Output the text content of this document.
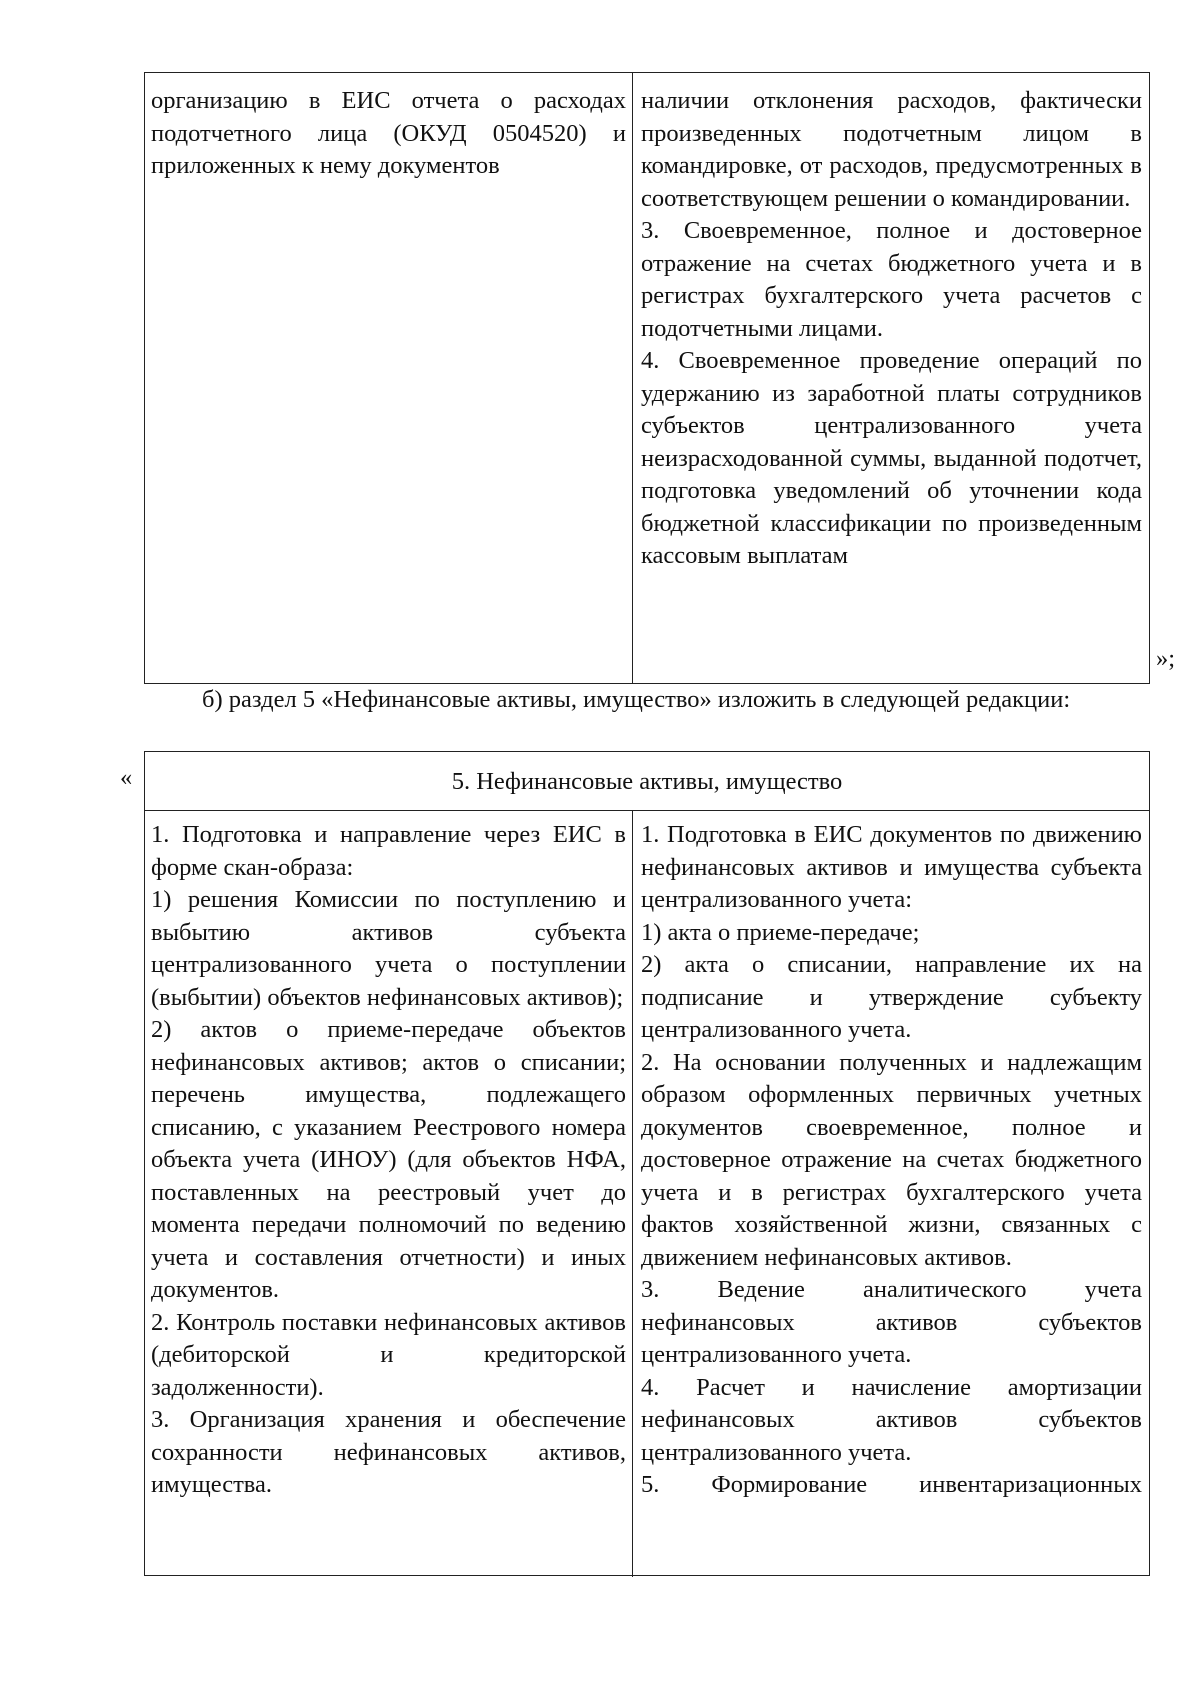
организацию в ЕИС отчета о расходах подотчетного лица (ОКУД 0504520) и приложенных к нему документов

наличии отклонения расходов, фактически произведенных подотчетным лицом в командировке, от расходов, предусмотренных в соответствующем решении о командировании.

3. Своевременное, полное и достоверное отражение на счетах бюджетного учета и в регистрах бухгалтерского учета расчетов с подотчетными лицами.

4. Своевременное проведение операций по удержанию из заработной платы сотрудников субъектов централизованного учета неизрасходованной суммы, выданной подотчет, подготовка уведомлений об уточнении кода бюджетной классификации по произведенным кассовым выплатам

»;

б) раздел 5 «Нефинансовые активы, имущество» изложить в следующей редакции:

«	5. Нефинансовые активы, имущество

1. Подготовка и направление через ЕИС в форме скан-образа:

1) решения Комиссии по поступлению и выбытию активов субъекта централизованного учета о поступлении (выбытии) объектов нефинансовых активов);

2) актов о приеме-передаче объектов нефинансовых активов; актов о списании; перечень имущества, подлежащего списанию, с указанием Реестрового номера объекта учета (ИНОУ) (для объектов НФА, поставленных на реестровый учет до момента передачи полномочий по ведению учета и составления отчетности) и иных документов.

2. Контроль поставки нефинансовых активов (дебиторской и кредиторской задолженности).

3. Организация хранения и обеспечение сохранности нефинансовых активов, имущества.

1. Подготовка в ЕИС документов по движению нефинансовых активов и имущества субъекта централизованного учета:

1) акта о приеме-передаче;

2) акта о списании, направление их на подписание и утверждение субъекту централизованного учета.

2. На основании полученных и надлежащим образом оформленных первичных учетных документов своевременное, полное и достоверное отражение на счетах бюджетного учета и в регистрах бухгалтерского учета фактов хозяйственной жизни, связанных с движением нефинансовых активов.

3. Ведение аналитического учета нефинансовых активов субъектов централизованного учета.

4. Расчет и начисление амортизации нефинансовых активов субъектов централизованного учета.

5. Формирование инвентаризационных
